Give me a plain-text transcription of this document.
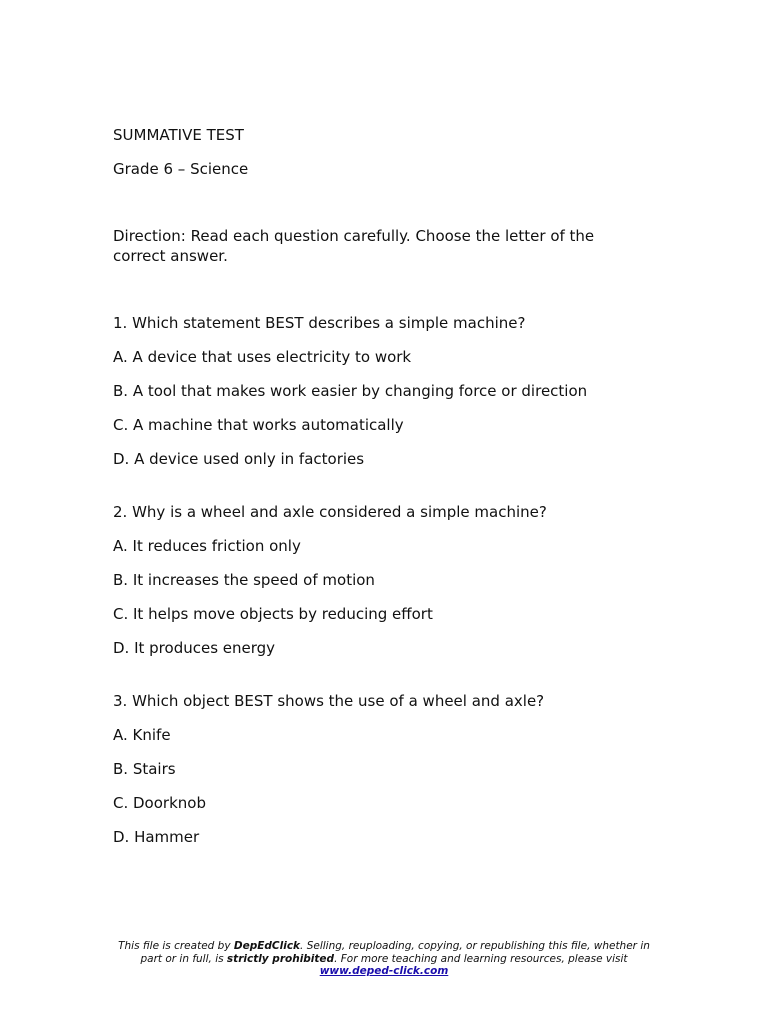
SUMMATIVE TEST

Grade 6 – Science

Direction: Read each question carefully. Choose the letter of the correct answer.

1. Which statement BEST describes a simple machine?

A. A device that uses electricity to work

B. A tool that makes work easier by changing force or direction

C. A machine that works automatically

D. A device used only in factories

2. Why is a wheel and axle considered a simple machine?

A. It reduces friction only

B. It increases the speed of motion

C. It helps move objects by reducing effort

D. It produces energy

3. Which object BEST shows the use of a wheel and axle?

A. Knife

B. Stairs

C. Doorknob

D. Hammer

This file is created by DepEdClick. Selling, reuploading, copying, or republishing this file, whether in part or in full, is strictly prohibited. For more teaching and learning resources, please visit www.deped-click.com
